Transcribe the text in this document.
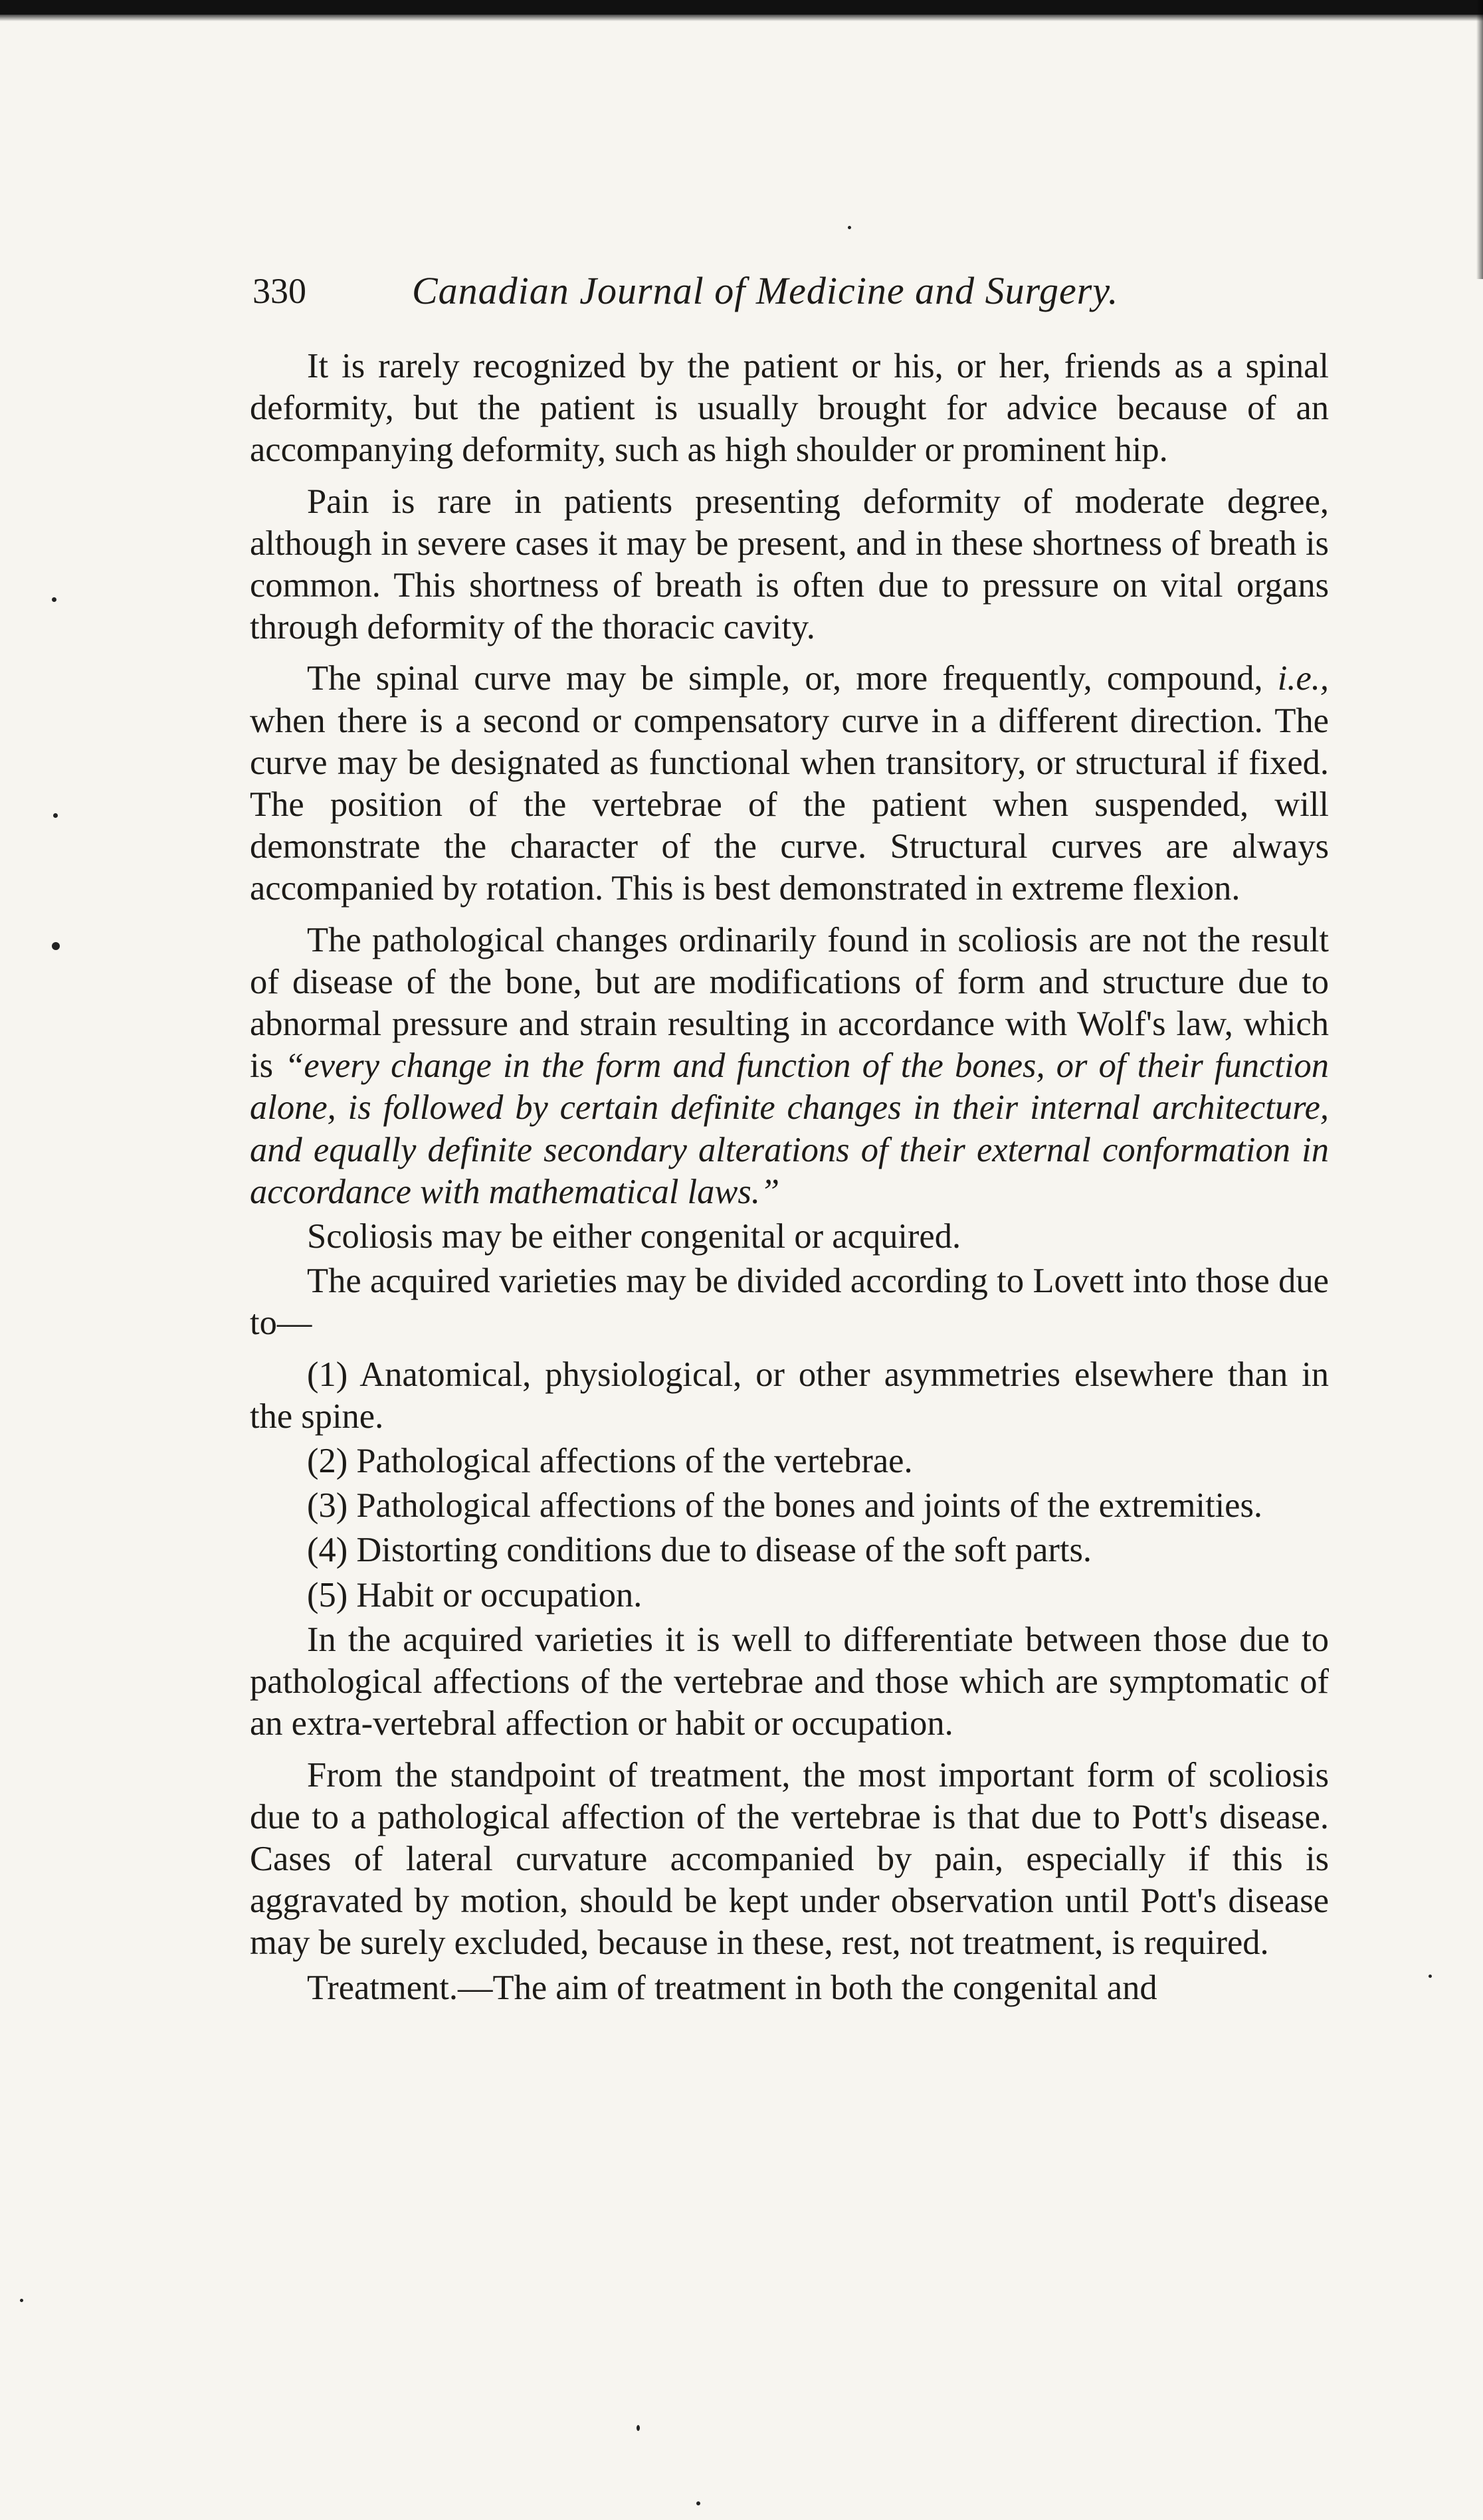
330	Canadian Journal of Medicine and Surgery.

It is rarely recognized by the patient or his, or her, friends as a spinal deformity, but the patient is usually brought for advice because of an accompanying deformity, such as high shoulder or prominent hip.

Pain is rare in patients presenting deformity of moderate degree, although in severe cases it may be present, and in these shortness of breath is common. This shortness of breath is often due to pressure on vital organs through deformity of the thoracic cavity.

The spinal curve may be simple, or, more frequently, compound, i.e., when there is a second or compensatory curve in a different direction. The curve may be designated as functional when transitory, or structural if fixed. The position of the vertebrae of the patient when suspended, will demonstrate the character of the curve. Structural curves are always accompanied by rotation. This is best demonstrated in extreme flexion.

The pathological changes ordinarily found in scoliosis are not the result of disease of the bone, but are modifications of form and structure due to abnormal pressure and strain resulting in accordance with Wolf's law, which is “every change in the form and function of the bones, or of their function alone, is followed by certain definite changes in their internal architecture, and equally definite secondary alterations of their external conformation in accordance with mathematical laws.”

Scoliosis may be either congenital or acquired.

The acquired varieties may be divided according to Lovett into those due to—

(1) Anatomical, physiological, or other asymmetries elsewhere than in the spine.

(2) Pathological affections of the vertebrae.

(3) Pathological affections of the bones and joints of the extremities.

(4) Distorting conditions due to disease of the soft parts.

(5) Habit or occupation.

In the acquired varieties it is well to differentiate between those due to pathological affections of the vertebrae and those which are symptomatic of an extra-vertebral affection or habit or occupation.

From the standpoint of treatment, the most important form of scoliosis due to a pathological affection of the vertebrae is that due to Pott's disease. Cases of lateral curvature accompanied by pain, especially if this is aggravated by motion, should be kept under observation until Pott's disease may be surely excluded, because in these, rest, not treatment, is required.

Treatment.—The aim of treatment in both the congenital and
